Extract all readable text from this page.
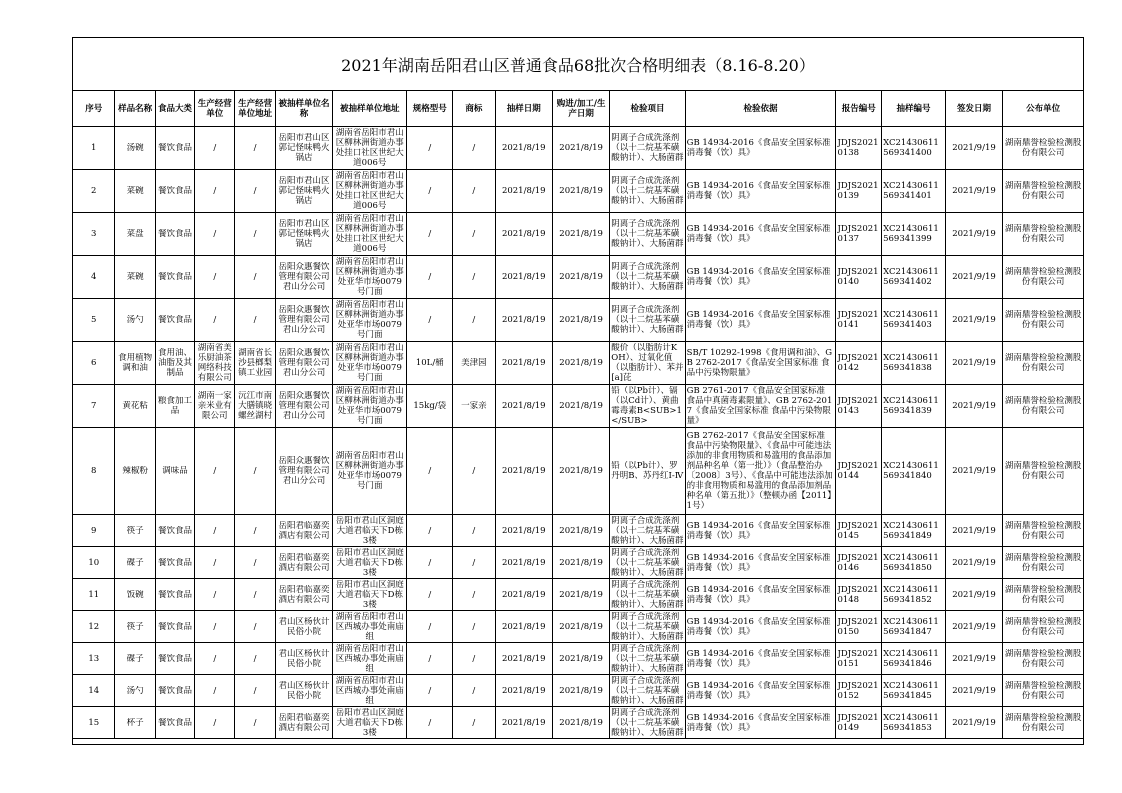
2021年湖南岳阳君山区普通食品68批次合格明细表（8.16-8.20）
序号	样品名称	食品大类	生产经营单位	生产经营单位地址	被抽样单位名称	被抽样单位地址	规格型号	商标	抽样日期	购进/加工/生产日期	检验项目	检验依据	报告编号	抽样编号	签发日期	公布单位

1	汤碗	餐饮食品	/	/	岳阳市君山区郭记怪味鸭火锅店	湖南省岳阳市君山区柳林洲街道办事处挂口社区世纪大道006号	/	/	2021/8/19	2021/8/19	阴离子合成洗涤剂（以十二烷基苯磺酸钠计）、大肠菌群	GB 14934-2016《食品安全国家标准 消毒餐（饮）具》	JDJS20210138	XC21430611569341400	2021/9/19	湖南鼎誉检验检测股份有限公司

2	菜碗	餐饮食品	/	/	岳阳市君山区郭记怪味鸭火锅店	湖南省岳阳市君山区柳林洲街道办事处挂口社区世纪大道006号	/	/	2021/8/19	2021/8/19	阴离子合成洗涤剂（以十二烷基苯磺酸钠计）、大肠菌群	GB 14934-2016《食品安全国家标准 消毒餐（饮）具》	JDJS20210139	XC21430611569341401	2021/9/19	湖南鼎誉检验检测股份有限公司

3	菜盘	餐饮食品	/	/	岳阳市君山区郭记怪味鸭火锅店	湖南省岳阳市君山区柳林洲街道办事处挂口社区世纪大道006号	/	/	2021/8/19	2021/8/19	阴离子合成洗涤剂（以十二烷基苯磺酸钠计）、大肠菌群	GB 14934-2016《食品安全国家标准 消毒餐（饮）具》	JDJS20210137	XC21430611569341399	2021/9/19	湖南鼎誉检验检测股份有限公司

4	菜碗	餐饮食品	/	/	岳阳众惠餐饮管理有限公司君山分公司	湖南省岳阳市君山区柳林洲街道办事处亚华市场0079号门面	/	/	2021/8/19	2021/8/19	阴离子合成洗涤剂（以十二烷基苯磺酸钠计）、大肠菌群	GB 14934-2016《食品安全国家标准 消毒餐（饮）具》	JDJS20210140	XC21430611569341402	2021/9/19	湖南鼎誉检验检测股份有限公司

5	汤勺	餐饮食品	/	/	岳阳众惠餐饮管理有限公司君山分公司	湖南省岳阳市君山区柳林洲街道办事处亚华市场0079号门面	/	/	2021/8/19	2021/8/19	阴离子合成洗涤剂（以十二烷基苯磺酸钠计）、大肠菌群	GB 14934-2016《食品安全国家标准 消毒餐（饮）具》	JDJS20210141	XC21430611569341403	2021/9/19	湖南鼎誉检验检测股份有限公司

6	食用植物调和油	食用油、油脂及其制品	湖南省美乐厨油茶网络科技有限公司	湖南省长沙县榔梨镇工业园	岳阳众惠餐饮管理有限公司君山分公司	湖南省岳阳市君山区柳林洲街道办事处亚华市场0079号门面	10L/桶	美津园	2021/8/19	2021/8/19	酸价（以脂肪计KOH）、过氧化值（以脂肪计）、苯并[a]芘	SB/T 10292-1998《食用调和油》、GB 2762-2017《食品安全国家标准 食品中污染物限量》	JDJS20210142	XC21430611569341838	2021/9/19	湖南鼎誉检验检测股份有限公司

7	黄花粘	粮食加工品	湖南一家亲米业有限公司	沅江市南大膳镇晓螺丝湖村	岳阳众惠餐饮管理有限公司君山分公司	湖南省岳阳市君山区柳林洲街道办事处亚华市场0079号门面	15kg/袋	一家亲	2021/8/19	2021/8/19	铅（以Pb计）、镉（以Cd计）、黄曲霉毒素B<SUB>1</SUB>	GB 2761-2017《食品安全国家标准 食品中真菌毒素限量》、GB 2762-2017《食品安全国家标准 食品中污染物限量》	JDJS20210143	XC21430611569341839	2021/9/19	湖南鼎誉检验检测股份有限公司

8	辣椒粉	调味品	/	/	岳阳众惠餐饮管理有限公司君山分公司	湖南省岳阳市君山区柳林洲街道办事处亚华市场0079号门面	/	/	2021/8/19	2021/8/19	铅（以Pb计）、罗丹明B、苏丹红Ⅰ-Ⅳ	GB 2762-2017《食品安全国家标准 食品中污染物限量》、《食品中可能违法添加的非食用物质和易滥用的食品添加剂品种名单（第一批）》（食品整治办〔2008〕3号）、《食品中可能违法添加的非食用物质和易滥用的食品添加剂品种名单（第五批）》（整顿办函【2011】1号）	JDJS20210144	XC21430611569341840	2021/9/19	湖南鼎誉检验检测股份有限公司

9	筷子	餐饮食品	/	/	岳阳君临嘉奕酒店有限公司	岳阳市君山区洞庭大道君临天下D栋3楼	/	/	2021/8/19	2021/8/19	阴离子合成洗涤剂（以十二烷基苯磺酸钠计）、大肠菌群	GB 14934-2016《食品安全国家标准 消毒餐（饮）具》	JDJS20210145	XC21430611569341849	2021/9/19	湖南鼎誉检验检测股份有限公司

10	碟子	餐饮食品	/	/	岳阳君临嘉奕酒店有限公司	岳阳市君山区洞庭大道君临天下D栋3楼	/	/	2021/8/19	2021/8/19	阴离子合成洗涤剂（以十二烷基苯磺酸钠计）、大肠菌群	GB 14934-2016《食品安全国家标准 消毒餐（饮）具》	JDJS20210146	XC21430611569341850	2021/9/19	湖南鼎誉检验检测股份有限公司

11	饭碗	餐饮食品	/	/	岳阳君临嘉奕酒店有限公司	岳阳市君山区洞庭大道君临天下D栋3楼	/	/	2021/8/19	2021/8/19	阴离子合成洗涤剂（以十二烷基苯磺酸钠计）、大肠菌群	GB 14934-2016《食品安全国家标准 消毒餐（饮）具》	JDJS20210148	XC21430611569341852	2021/9/19	湖南鼎誉检验检测股份有限公司

12	筷子	餐饮食品	/	/	君山区杨伙计民俗小院	湖南省岳阳市君山区西城办事处南庙组	/	/	2021/8/19	2021/8/19	阴离子合成洗涤剂（以十二烷基苯磺酸钠计）、大肠菌群	GB 14934-2016《食品安全国家标准 消毒餐（饮）具》	JDJS20210150	XC21430611569341847	2021/9/19	湖南鼎誉检验检测股份有限公司

13	碟子	餐饮食品	/	/	君山区杨伙计民俗小院	湖南省岳阳市君山区西城办事处南庙组	/	/	2021/8/19	2021/8/19	阴离子合成洗涤剂（以十二烷基苯磺酸钠计）、大肠菌群	GB 14934-2016《食品安全国家标准 消毒餐（饮）具》	JDJS20210151	XC21430611569341846	2021/9/19	湖南鼎誉检验检测股份有限公司

14	汤勺	餐饮食品	/	/	君山区杨伙计民俗小院	湖南省岳阳市君山区西城办事处南庙组	/	/	2021/8/19	2021/8/19	阴离子合成洗涤剂（以十二烷基苯磺酸钠计）、大肠菌群	GB 14934-2016《食品安全国家标准 消毒餐（饮）具》	JDJS20210152	XC21430611569341845	2021/9/19	湖南鼎誉检验检测股份有限公司

15	杯子	餐饮食品	/	/	岳阳君临嘉奕酒店有限公司	岳阳市君山区洞庭大道君临天下D栋3楼	/	/	2021/8/19	2021/8/19	阴离子合成洗涤剂（以十二烷基苯磺酸钠计）、大肠菌群	GB 14934-2016《食品安全国家标准 消毒餐（饮）具》	JDJS20210149	XC21430611569341853	2021/9/19	湖南鼎誉检验检测股份有限公司
